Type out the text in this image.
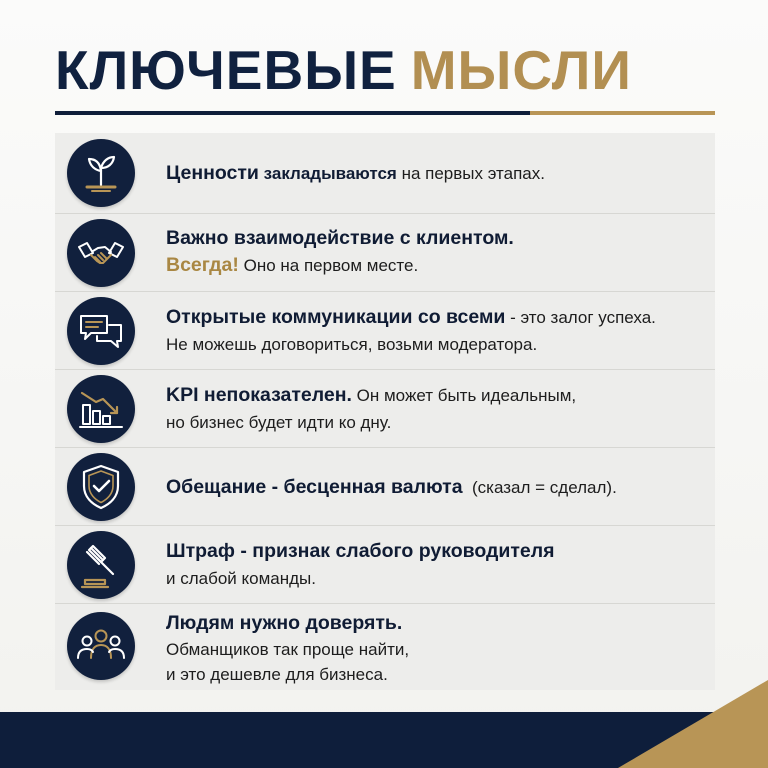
КЛЮЧЕВЫЕ МЫСЛИ
Ценности закладываются на первых этапах.
Важно взаимодействие с клиентом.
Всегда! Оно на первом месте.
Открытые коммуникации со всеми - это залог успеха.
Не можешь договориться, возьми модератора.
KPI непоказателен. Он может быть идеальным,
но бизнес будет идти ко дну.
Обещание - бесценная валюта  (сказал = сделал).
Штраф - признак слабого руководителя
и слабой команды.
Людям нужно доверять.
Обманщиков так проще найти,
и это дешевле для бизнеса.
